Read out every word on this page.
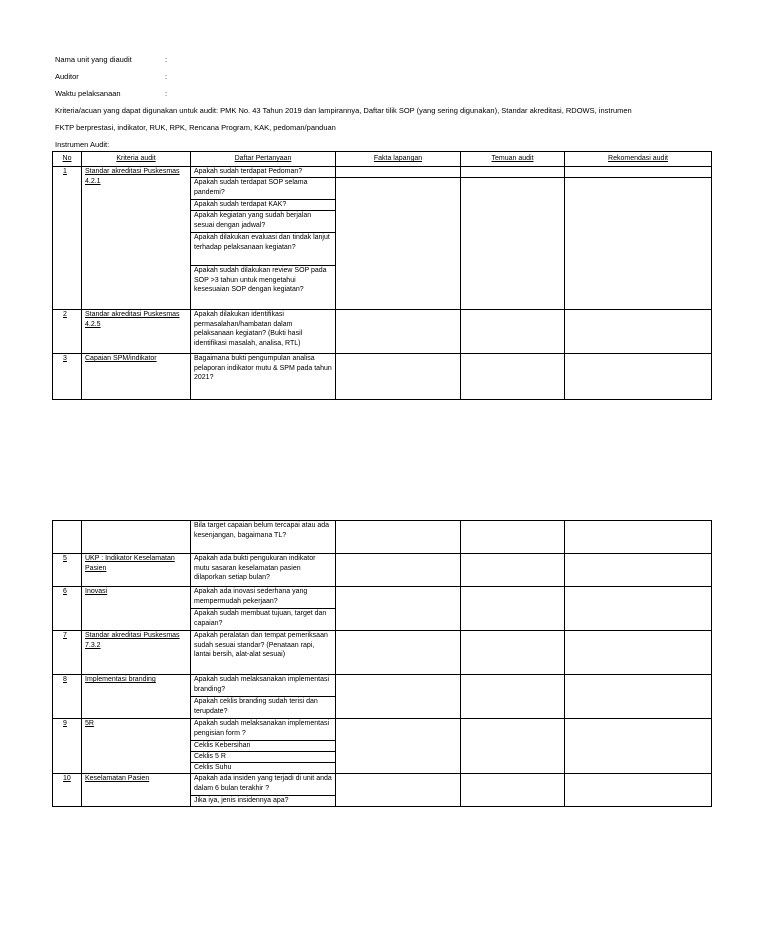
Nama unit yang diaudit	:
Auditor	:
Waktu pelaksanaan	:
Kriteria/acuan yang dapat digunakan untuk audit: PMK No. 43 Tahun 2019 dan lampirannya, Daftar tilik SOP (yang sering digunakan), Standar akreditasi, RDOWS, instrumen
FKTP berprestasi, indikator, RUK, RPK, Rencana Program, KAK, pedoman/panduan
Instrumen Audit:
No	Kriteria audit	Daftar Pertanyaan	Fakta lapangan	Temuan audit	Rekomendasi audit
1	Standar akreditasi Puskesmas 4.2.1	Apakah sudah terdapat Pedoman?			
		Apakah sudah terdapat SOP selama pandemi?			
		Apakah sudah terdapat KAK?			
		Apakah kegiatan yang sudah berjalan sesuai dengan jadwal?			
		Apakah dilakukan evaluasi dan tindak lanjut terhadap pelaksanaan kegiatan?			
		Apakah sudah dilakukan review SOP pada SOP >3 tahun untuk mengetahui kesesuaian SOP dengan kegiatan?			
2	Standar akreditasi Puskesmas 4.2.5	Apakah dilakukan identifikasi permasalahan/hambatan dalam pelaksanaan kegiatan? (Bukti hasil identifikasi masalah, analisa, RTL)			
3	Capaian SPM/indikator	Bagaimana bukti pengumpulan analisa pelaporan indikator mutu & SPM pada tahun 2021?			
		Bila target capaian belum tercapai atau ada kesenjangan, bagaimana TL?			
5	UKP : Indikator Keselamatan Pasien	Apakah ada bukti pengukuran indikator mutu sasaran keselamatan pasien dilaporkan setiap bulan?			
6	Inovasi	Apakah ada inovasi sederhana yang mempermudah pekerjaan?			
		Apakah sudah membuat tujuan, target dan capaian?			
7	Standar akreditasi Puskesmas 7.3.2	Apakah peralatan dan tempat pemeriksaan sudah sesuai standar? (Penataan rapi, lantai bersih, alat-alat sesuai)			
8	Implementasi branding	Apakah sudah melaksanakan implementasi branding?			
		Apakah ceklis branding sudah terisi dan terupdate?			
9	5R	Apakah sudah melaksanakan implementasi pengisian form ?			
		Ceklis Kebersihan			
		Ceklis 5 R			
		Ceklis Suhu			
10	Keselamatan Pasien	Apakah ada insiden yang terjadi di unit anda dalam 6 bulan terakhir ?			
		Jika iya, jenis insidennya apa?			
